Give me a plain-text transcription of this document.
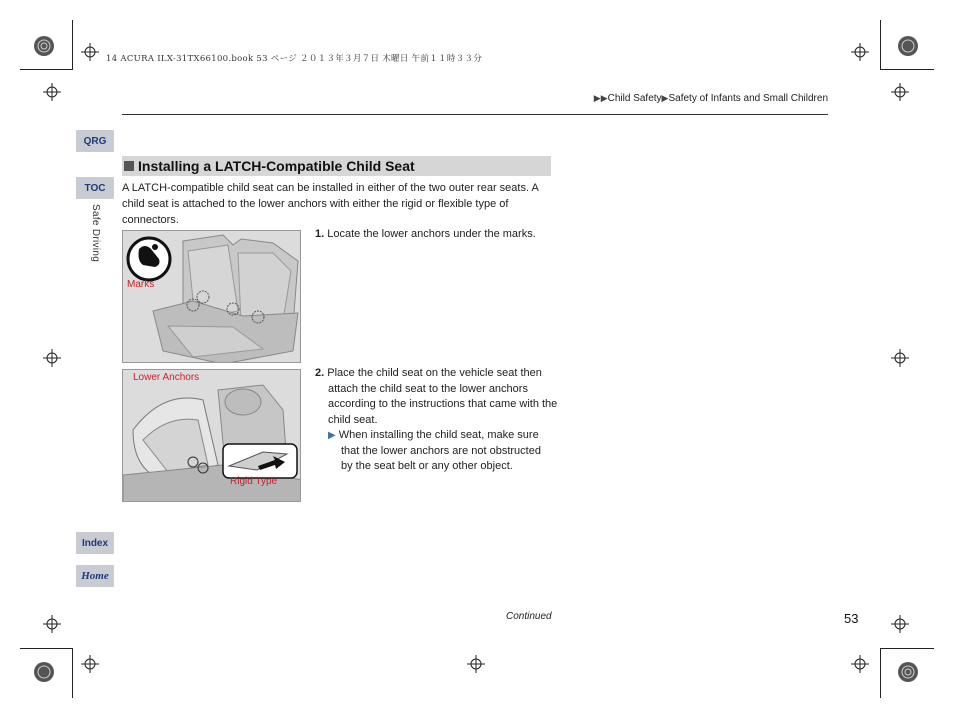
14 ACURA ILX-31TX66100.book 53 ページ ２０１３年３月７日 木曜日 午前１１時３３分
▶▶Child Safety▶Safety of Infants and Small Children
QRG
TOC
Safe Driving
Index
Home
Installing a LATCH-Compatible Child Seat
A LATCH-compatible child seat can be installed in either of the two outer rear seats. A child seat is attached to the lower anchors with either the rigid or flexible type of connectors.
Marks
Lower Anchors
Rigid Type
1. Locate the lower anchors under the marks.
2. Place the child seat on the vehicle seat then attach the child seat to the lower anchors according to the instructions that came with the child seat.
▶ When installing the child seat, make sure that the lower anchors are not obstructed by the seat belt or any other object.
Continued	53
